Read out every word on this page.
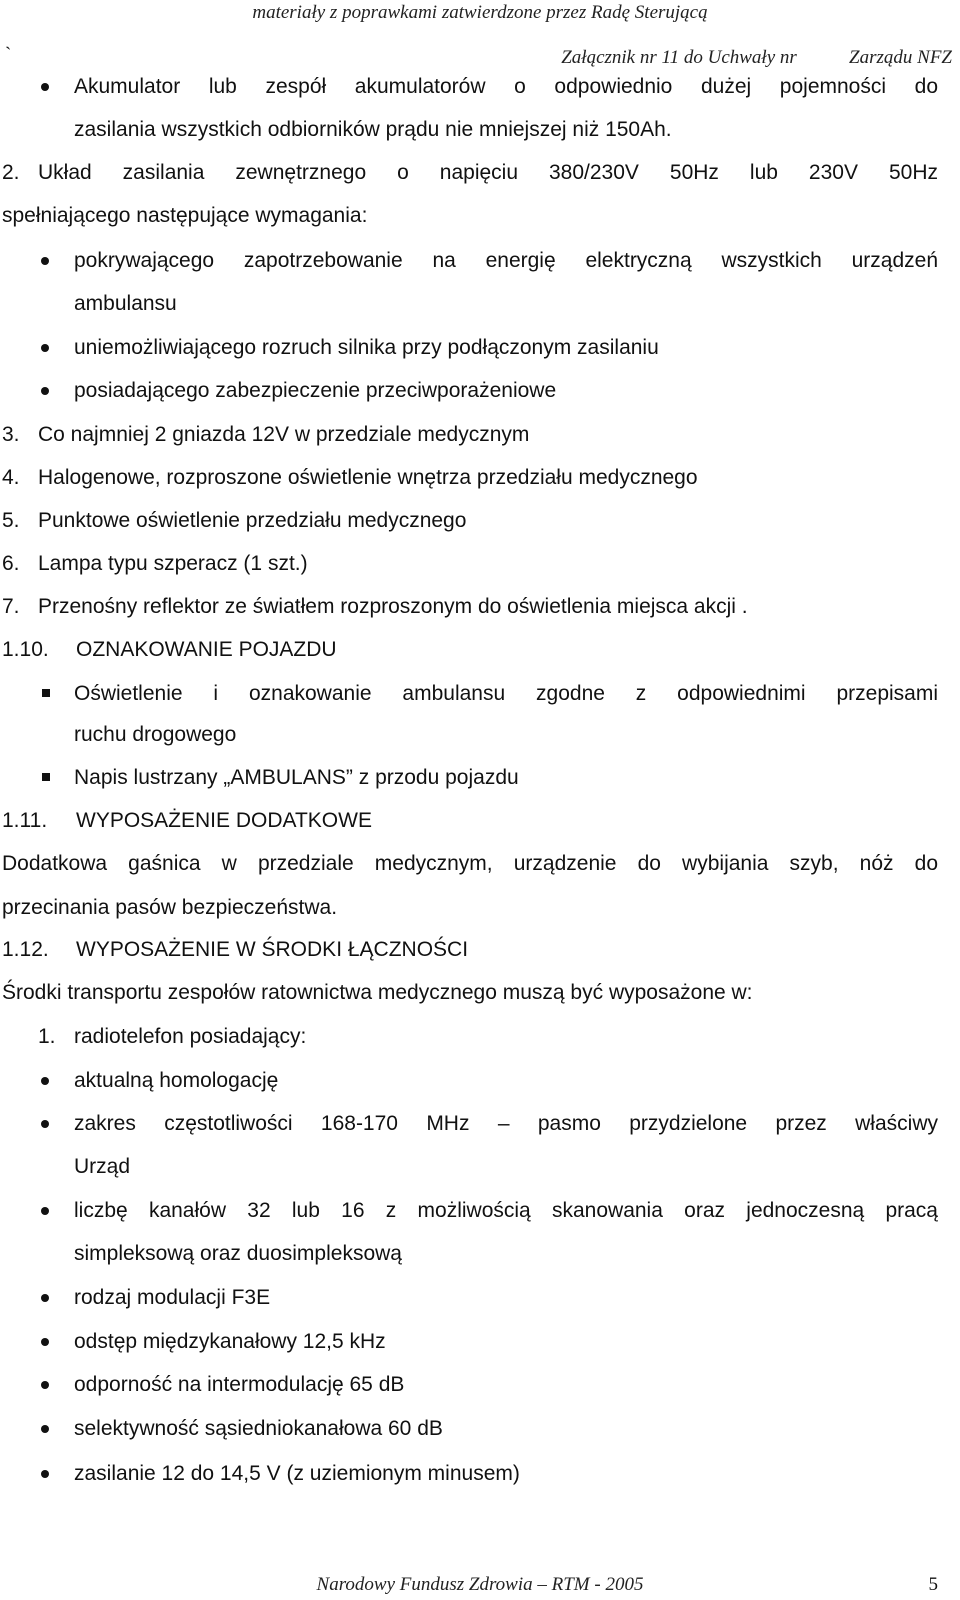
materiały z poprawkami zatwierdzone przez Radę Sterującą
`	Załącznik nr 11 do Uchwały nr           Zarządu NFZ
Akumulator lub zespół akumulatorów o odpowiednio dużej pojemności do
zasilania wszystkich odbiorników prądu nie mniejszej niż 150Ah.
2. Układ zasilania zewnętrznego o napięciu 380/230V 50Hz lub 230V 50Hz
spełniającego następujące wymagania:
pokrywającego zapotrzebowanie na energię elektryczną wszystkich urządzeń
ambulansu
uniemożliwiającego rozruch silnika przy podłączonym zasilaniu
posiadającego zabezpieczenie przeciwporażeniowe
3. Co najmniej 2 gniazda 12V w przedziale medycznym
4. Halogenowe, rozproszone oświetlenie wnętrza przedziału medycznego
5. Punktowe oświetlenie przedziału medycznego
6. Lampa typu szperacz (1 szt.)
7. Przenośny reflektor ze światłem rozproszonym do oświetlenia miejsca akcji .
1.10. OZNAKOWANIE POJAZDU
Oświetlenie i oznakowanie ambulansu zgodne z odpowiednimi przepisami
ruchu drogowego
Napis lustrzany „AMBULANS” z przodu pojazdu
1.11. WYPOSAŻENIE DODATKOWE
Dodatkowa gaśnica w przedziale medycznym, urządzenie do wybijania szyb, nóż do
przecinania pasów bezpieczeństwa.
1.12. WYPOSAŻENIE W ŚRODKI ŁĄCZNOŚCI
Środki transportu zespołów ratownictwa medycznego muszą być wyposażone w:
1. radiotelefon posiadający:
aktualną homologację
zakres częstotliwości 168-170 MHz – pasmo przydzielone przez właściwy
Urząd
liczbę kanałów 32 lub 16 z możliwością skanowania oraz jednoczesną pracą
simpleksową oraz duosimpleksową
rodzaj modulacji F3E
odstęp międzykanałowy 12,5 kHz
odporność na intermodulację 65 dB
selektywność sąsiedniokanałowa 60 dB
zasilanie 12 do 14,5 V (z uziemionym minusem)
Narodowy Fundusz Zdrowia – RTM - 2005	5
